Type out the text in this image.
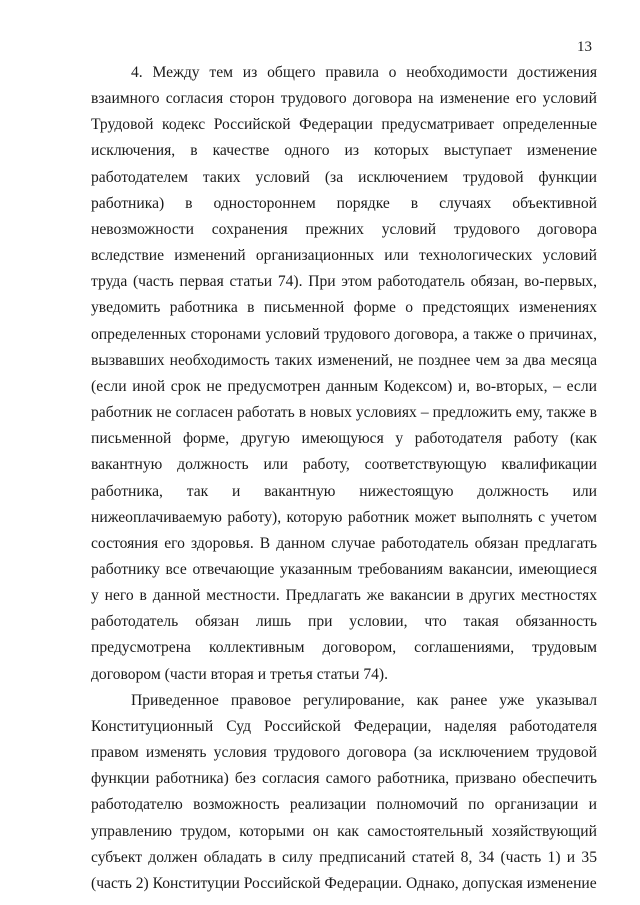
13

4. Между тем из общего правила о необходимости достижения взаимного согласия сторон трудового договора на изменение его условий Трудовой кодекс Российской Федерации предусматривает определенные исключения, в качестве одного из которых выступает изменение работодателем таких условий (за исключением трудовой функции работника) в одностороннем порядке в случаях объективной невозможности сохранения прежних условий трудового договора вследствие изменений организационных или технологических условий труда (часть первая статьи 74). При этом работодатель обязан, во-первых, уведомить работника в письменной форме о предстоящих изменениях определенных сторонами условий трудового договора, а также о причинах, вызвавших необходимость таких изменений, не позднее чем за два месяца (если иной срок не предусмотрен данным Кодексом) и, во-вторых, – если работник не согласен работать в новых условиях – предложить ему, также в письменной форме, другую имеющуюся у работодателя работу (как вакантную должность или работу, соответствующую квалификации работника, так и вакантную нижестоящую должность или нижеоплачиваемую работу), которую работник может выполнять с учетом состояния его здоровья. В данном случае работодатель обязан предлагать работнику все отвечающие указанным требованиям вакансии, имеющиеся у него в данной местности. Предлагать же вакансии в других местностях работодатель обязан лишь при условии, что такая обязанность предусмотрена коллективным договором, соглашениями, трудовым договором (части вторая и третья статьи 74).

Приведенное правовое регулирование, как ранее уже указывал Конституционный Суд Российской Федерации, наделяя работодателя правом изменять условия трудового договора (за исключением трудовой функции работника) без согласия самого работника, призвано обеспечить работодателю возможность реализации полномочий по организации и управлению трудом, которыми он как самостоятельный хозяйствующий субъект должен обладать в силу предписаний статей 8, 34 (часть 1) и 35 (часть 2) Конституции Российской Федерации. Однако, допуская изменение
